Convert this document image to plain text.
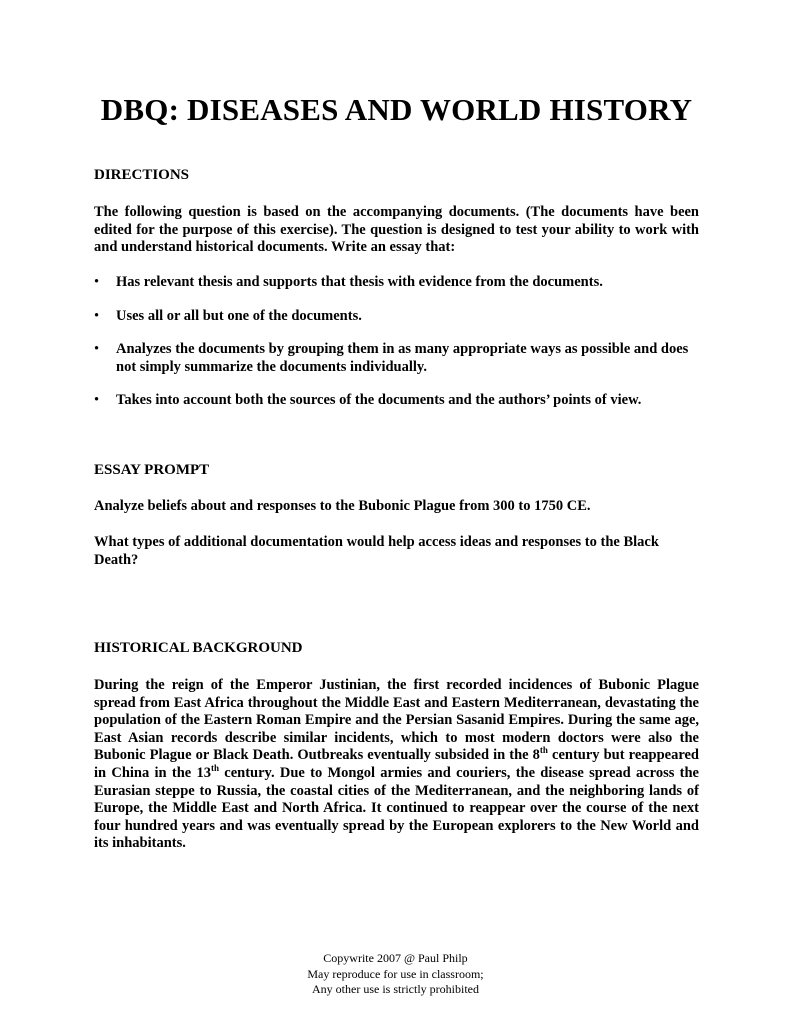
DBQ: DISEASES AND WORLD HISTORY
DIRECTIONS

The following question is based on the accompanying documents. (The documents have been edited for the purpose of this exercise). The question is designed to test your ability to work with and understand historical documents. Write an essay that:

• Has relevant thesis and supports that thesis with evidence from the documents.
• Uses all or all but one of the documents.
• Analyzes the documents by grouping them in as many appropriate ways as possible and does not simply summarize the documents individually.
• Takes into account both the sources of the documents and the authors’ points of view.
ESSAY PROMPT

Analyze beliefs about and responses to the Bubonic Plague from 300 to 1750 CE.

What types of additional documentation would help access ideas and responses to the Black Death?

HISTORICAL BACKGROUND

During the reign of the Emperor Justinian, the first recorded incidences of Bubonic Plague spread from East Africa throughout the Middle East and Eastern Mediterranean, devastating the population of the Eastern Roman Empire and the Persian Sasanid Empires. During the same age, East Asian records describe similar incidents, which to most modern doctors were also the Bubonic Plague or Black Death. Outbreaks eventually subsided in the 8th century but reappeared in China in the 13th century. Due to Mongol armies and couriers, the disease spread across the Eurasian steppe to Russia, the coastal cities of the Mediterranean, and the neighboring lands of Europe, the Middle East and North Africa. It continued to reappear over the course of the next four hundred years and was eventually spread by the European explorers to the New World and its inhabitants.

Copywrite 2007 @ Paul Philp
May reproduce for use in classroom;
Any other use is strictly prohibited
